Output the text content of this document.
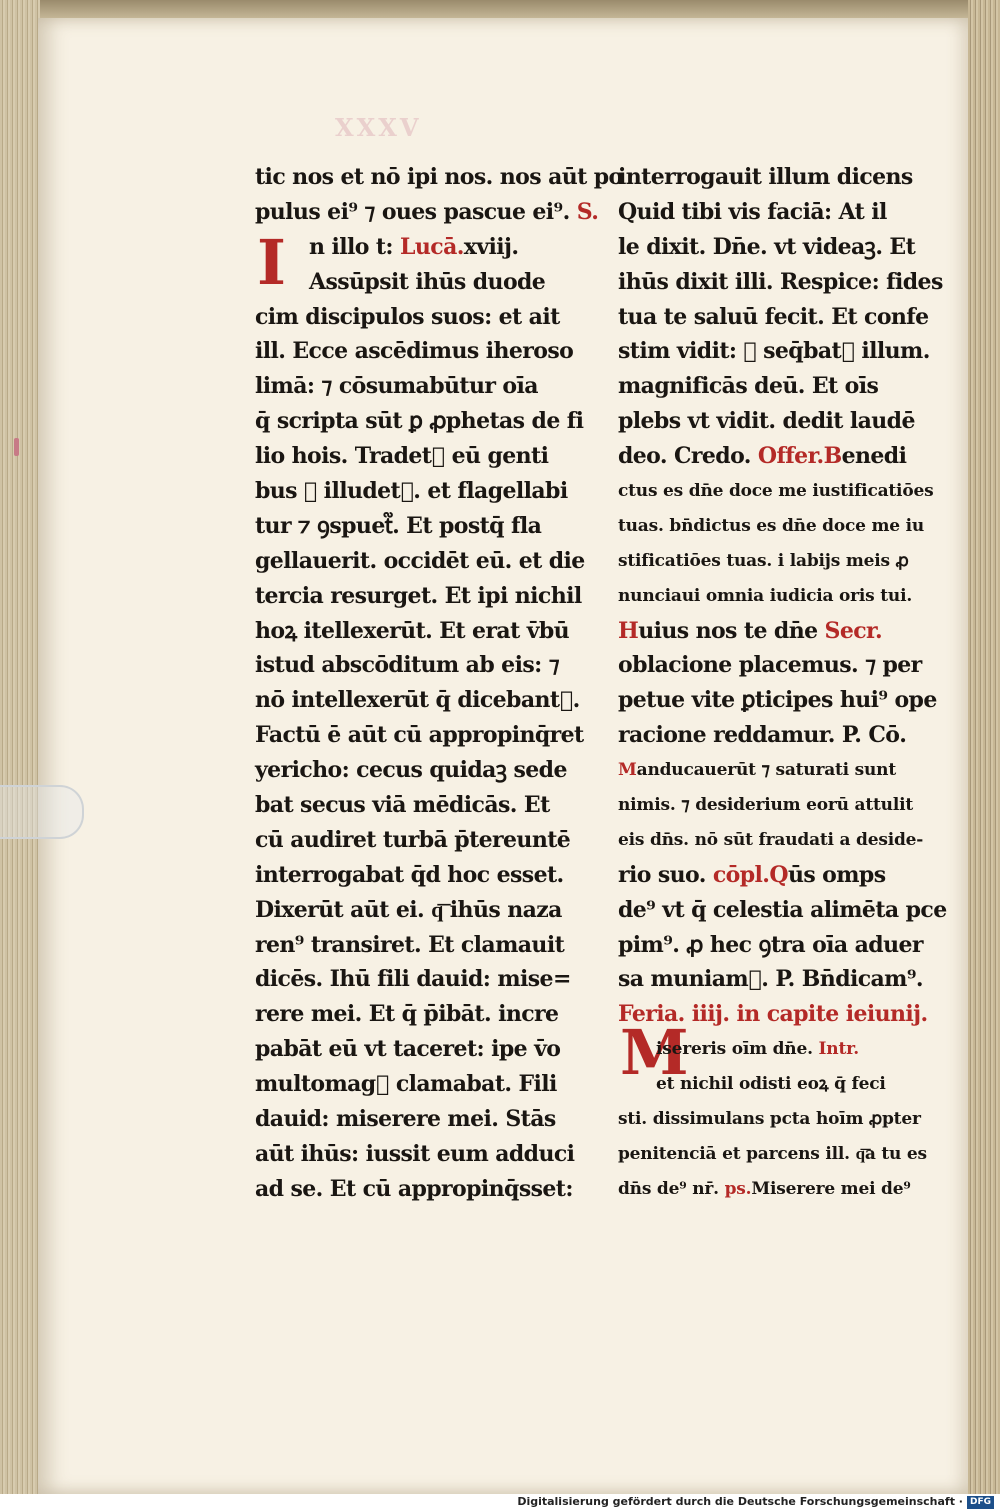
XXXV
I
tic nos et nō ipi nos. nos aūt po
pulus ei⁹ ⁊ oues pascue ei⁹. S.
n illo t: Lucā.xviij.
Assūpsit ihūs duode
cim discipulos suos: et ait
ill. Ecce ascēdimus iheroso
limā: ⁊ cōsumabūtur oīa
q̄ scripta sūt ꝑ ꝓphetas de fi
lio hois. Tradet᷑ eū genti
bus ⁊ illudet᷑. et flagellabi
tur ⁊ ꝯspuet᷑. Et postq̄ fla
gellauerit. occidēt eū. et die
tercia resurget. Et ipi nichil
hoꝝ itellexerūt. Et erat v̄bū
istud abscōditum ab eis: ⁊
nō intellexerūt q̄ dicebant᷑.
Factū ē aūt cū appropinq̄ret
yericho: cecus quidaꝫ sede
bat secus viā mēdicās. Et
cū audiret turbā p̄tereuntē
interrogabat q̄d hoc esset.
Dixerūt aūt ei. q͞ ihūs naza
ren⁹ transiret. Et clamauit
dicēs. Ihū fili dauid: mise=
rere mei. Et q̄ p̄ibāt. incre
pabāt eū vt taceret: ipe v̄o
multomag᷑ clamabat. Fili
dauid: miserere mei. Stās
aūt ihūs: iussit eum adduci
ad se. Et cū appropinq̄sset:
M
interrogauit illum dicens
Quid tibi vis faciā: At il
le dixit. Dn̄e. vt videaꝫ. Et
ihūs dixit illi. Respice: fides
tua te saluū fecit. Et confe
stim vidit: ⁊ seq̄bat᷑ illum.
magnificās deū. Et oīs
plebs vt vidit. dedit laudē
deo. Credo. Offer.Benedi
ctus es dn̄e doce me iustificatiōes
tuas. bn̄dictus es dn̄e doce me iu
stificatiōes tuas. i labijs meis ꝓ
nunciaui omnia iudicia oris tui.
Huius nos te dn̄e Secr.
oblacione placemus. ⁊ per
petue vite ꝑticipes hui⁹ ope
racione reddamur. P. Cō.
Manducauerūt ⁊ saturati sunt
nimis. ⁊ desiderium eorū attulit
eis dn̄s. nō sūt fraudati a deside-
rio suo. cōpl.Qūs omps
de⁹ vt q̄ celestia alimēta pce
pim⁹. ꝓ hec ꝯtra oīa aduer
sa muniam᷑. P. Bn̄dicam⁹.
Feria. iiij. in capite ieiunij.
isereris oīm dn̄e. Intr.
et nichil odisti eoꝝ q̄ feci
sti. dissimulans pcta hoīm ꝓpter
penitenciā et parcens ill. q͞a tu es
dn̄s de⁹ nr̄. ps.Miserere mei de⁹
Digitalisierung gefördert durch die Deutsche Forschungsgemeinschaft · DFG
